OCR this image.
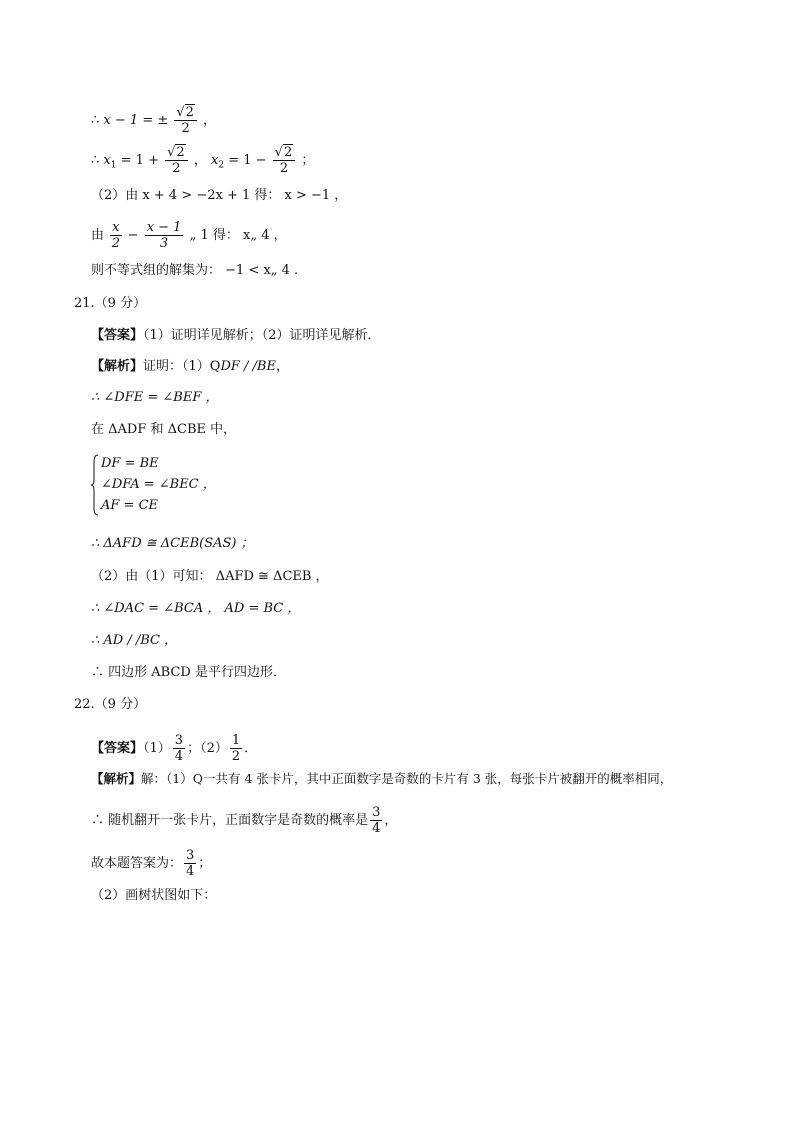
∴ x − 1 = ± $\frac{√2}{2}$ ，
∴ $x_1 = 1 + \frac{√2}{2}$ ， $x_2 = 1 - \frac{√2}{2}$ ；
（2）由 x + 4 > −2x + 1 得： x > −1 ，
由 $\frac{x}{2} - \frac{x - 1}{3}$ „ 1 得： x„ 4 ，
则不等式组的解集为： −1 < x„ 4 .
21.（9 分）
【答案】（1）证明详见解析；（2）证明详见解析．
【解析】证明：（1）QDF / /BE，
∴ ∠DFE = ∠BEF ，
在 ΔADF 和 ΔCBE 中，
DF = BE
∠DFA = ∠BEC ，
AF = CE
∴ ΔAFD ≅ ΔCEB(SAS) ；
（2）由（1）可知： ΔAFD ≅ ΔCEB ，
∴ ∠DAC = ∠BCA ， AD = BC ，
∴ AD / /BC ，
∴ 四边形 ABCD 是平行四边形．
22.（9 分）
【答案】$(1) \frac{3}{4}$ ；$(2) \frac{1}{2}$ ．
【解析】解：（1）Q一共有 4 张卡片，其中正面数字是奇数的卡片有 3 张，每张卡片被翻开的概率相同，
∴ 随机翻开一张卡片，正面数字是奇数的概率是 $\frac{3}{4}$ ，
故本题答案为： $\frac{3}{4}$ ；
（2）画树状图如下：
